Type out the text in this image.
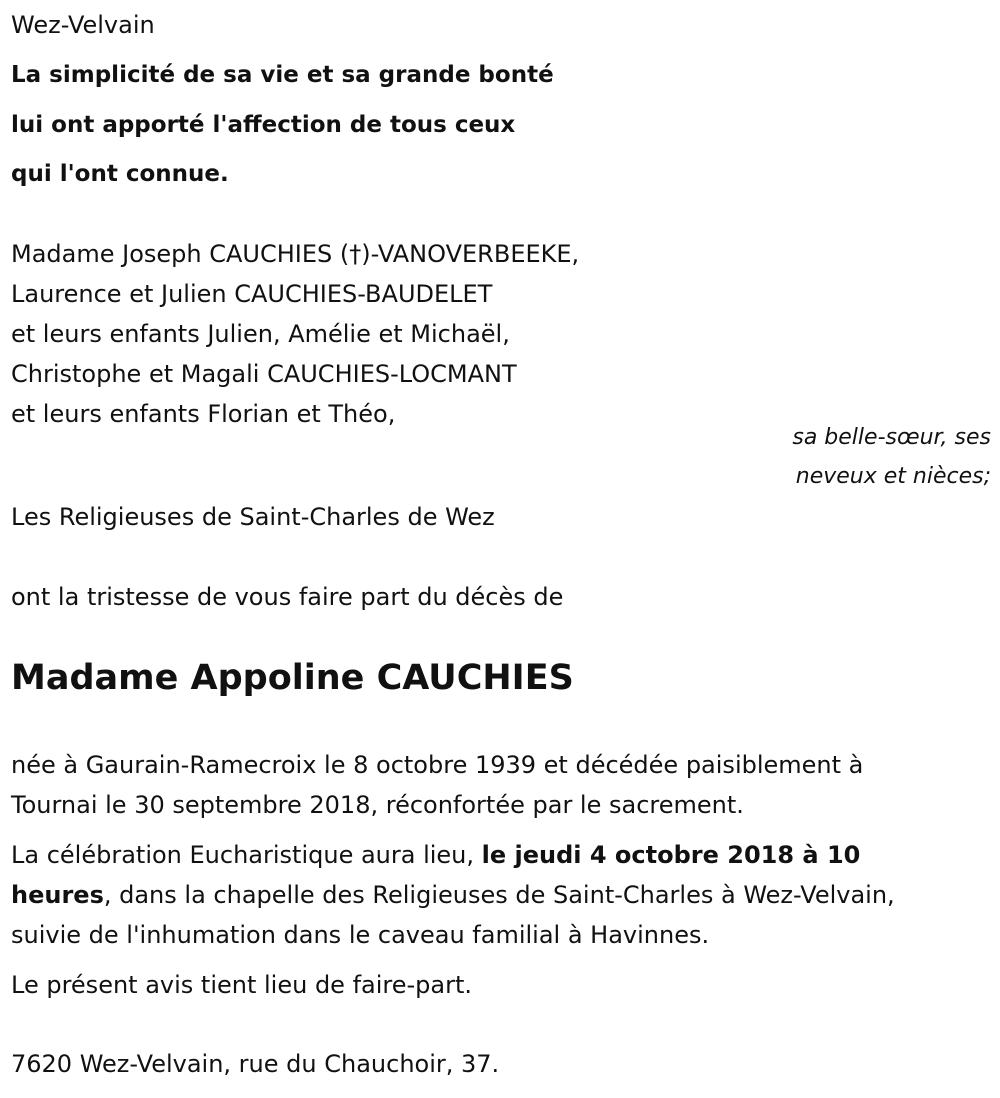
Wez-Velvain
La simplicité de sa vie et sa grande bonté
lui ont apporté l'affection de tous ceux
qui l'ont connue.
Madame Joseph CAUCHIES (†)-VANOVERBEEKE,
Laurence et Julien CAUCHIES-BAUDELET
et leurs enfants Julien, Amélie et Michaël,
Christophe et Magali CAUCHIES-LOCMANT
et leurs enfants Florian et Théo,
sa belle-sœur, ses
neveux et nièces;
Les Religieuses de Saint-Charles de Wez
ont la tristesse de vous faire part du décès de
Madame Appoline CAUCHIES
née à Gaurain-Ramecroix le 8 octobre 1939 et décédée paisiblement à
Tournai le 30 septembre 2018, réconfortée par le sacrement.
La célébration Eucharistique aura lieu, le jeudi 4 octobre 2018 à 10
heures, dans la chapelle des Religieuses de Saint-Charles à Wez-Velvain,
suivie de l'inhumation dans le caveau familial à Havinnes.
Le présent avis tient lieu de faire-part.
7620 Wez-Velvain, rue du Chauchoir, 37.
